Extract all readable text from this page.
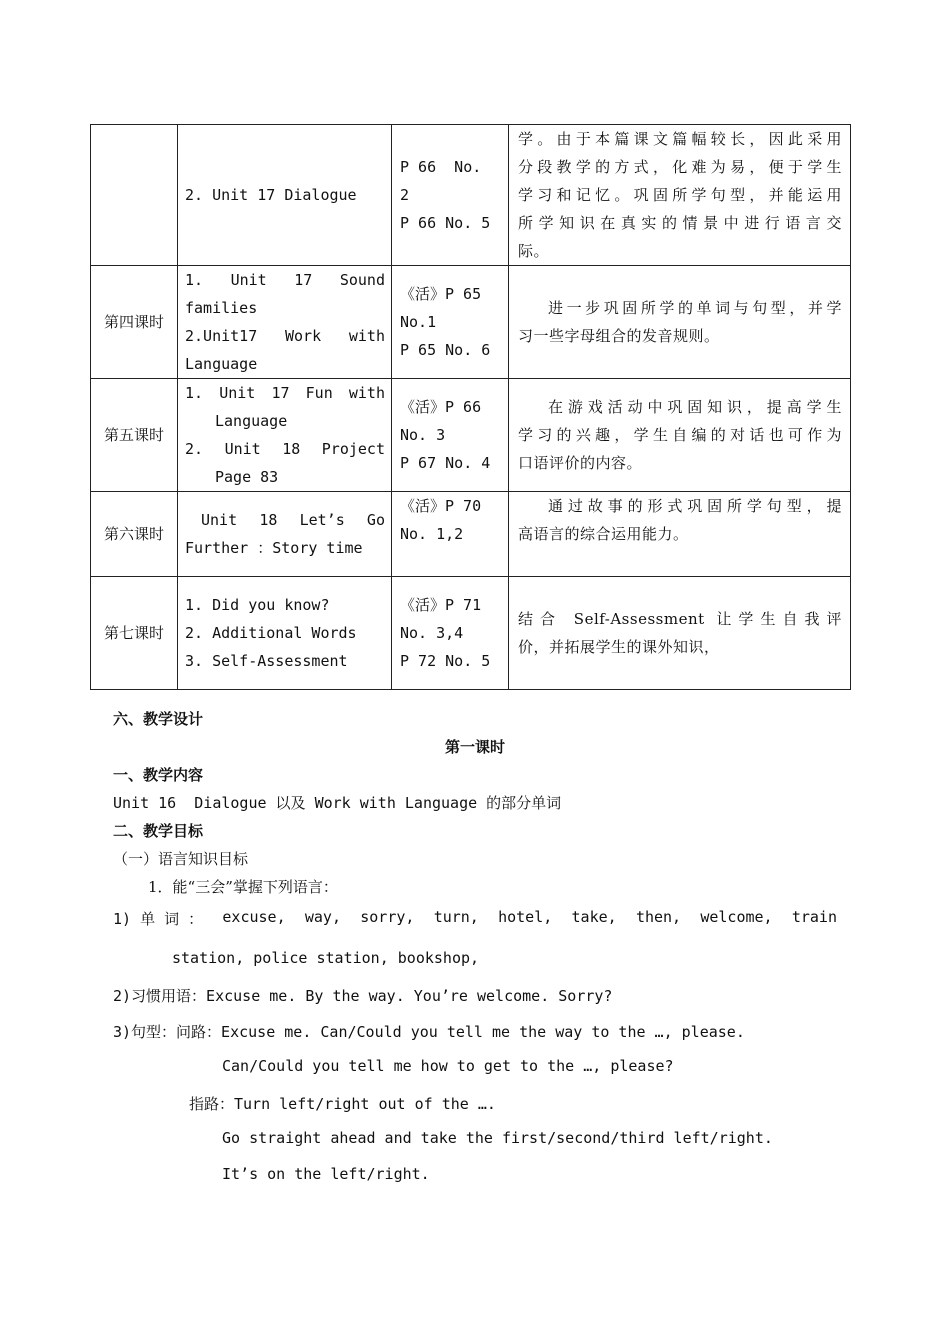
	2. Unit 17 Dialogue	P 66  No.
2
P 66 No. 5	学。由于本篇课文篇幅较长，因此采用
分段教学的方式，化难为易，便于学生
学习和记忆。巩固所学句型，并能运用
所学知识在真实的情景中进行语言交
际。

第四课时	1. Unit 17 Sound
families
2.Unit17 Work with
Language	《活》P 65
No.1
P 65 No. 6	进一步巩固所学的单词与句型，并学
习一些字母组合的发音规则。

第五课时	1. Unit 17 Fun with
Language
2. Unit 18 Project
Page 83	《活》P 66
No. 3
P 67 No. 4	在游戏活动中巩固知识，提高学生
学习的兴趣，学生自编的对话也可作为
口语评价的内容。

第六课时	Unit 18 Let’s Go
Further ：Story time	《活》P 70
No. 1,2	通过故事的形式巩固所学句型，提
高语言的综合运用能力。

第七课时	1. Did you know?
2. Additional Words
3. Self-Assessment	《活》P 71
No. 3,4
P 72 No. 5	结合 Self-Assessment 让学生自我评
价，并拓展学生的课外知识，
六、教学设计
第一课时
一、教学内容
Unit 16  Dialogue 以及 Work with Language 的部分单词
二、教学目标
（一）语言知识目标
1．能“三会”掌握下列语言：
1) 单 词 ： excuse, way, sorry, turn, hotel, take, then, welcome, train
station, police station, bookshop,
2)习惯用语：Excuse me. By the way. You’re welcome. Sorry?
3)句型：问路：Excuse me. Can/Could you tell me the way to the …, please.
Can/Could you tell me how to get to the …, please?
指路：Turn left/right out of the ….
Go straight ahead and take the first/second/third left/right.
It’s on the left/right.
